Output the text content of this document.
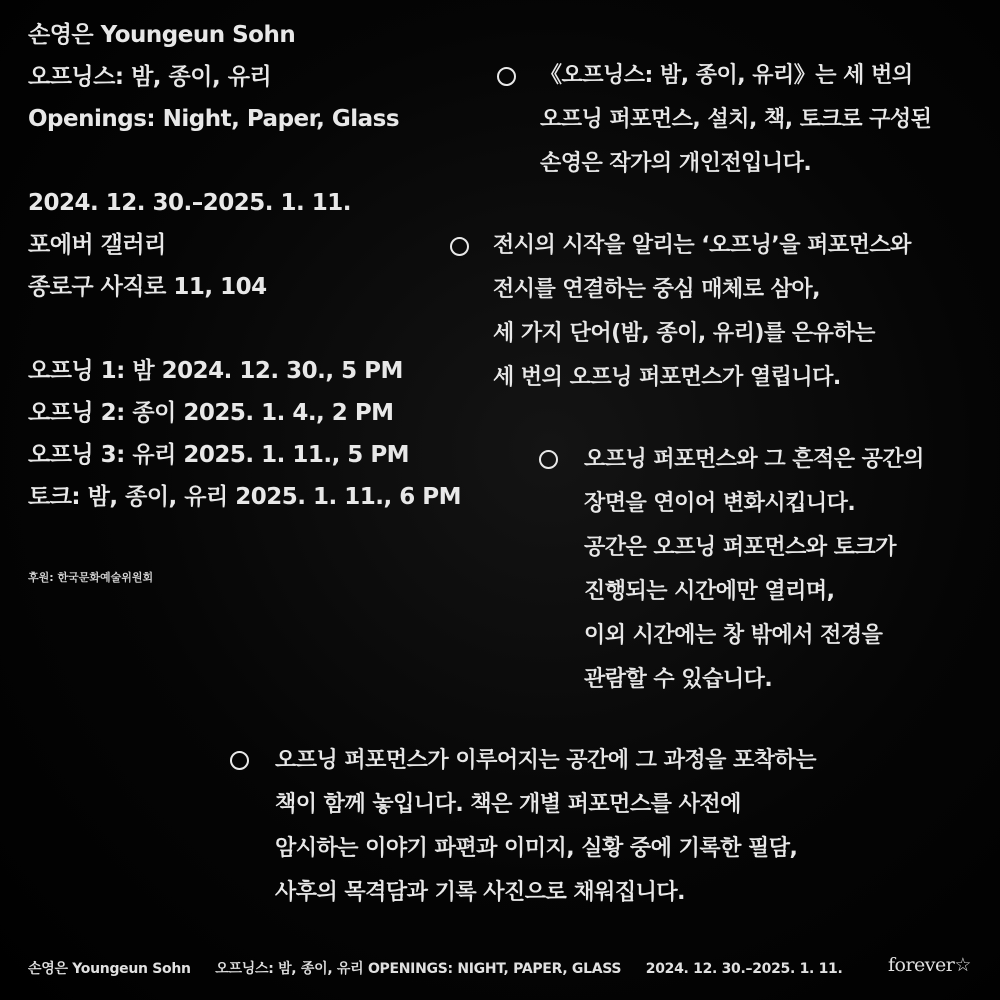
손영은 Youngeun Sohn
오프닝스: 밤, 종이, 유리
Openings: Night, Paper, Glass
2024. 12. 30.–2025. 1. 11.
포에버 갤러리
종로구 사직로 11, 104
오프닝 1: 밤 2024. 12. 30., 5 PM
오프닝 2: 종이 2025. 1. 4., 2 PM
오프닝 3: 유리 2025. 1. 11., 5 PM
토크: 밤, 종이, 유리 2025. 1. 11., 6 PM
후원: 한국문화예술위원회
《오프닝스: 밤, 종이, 유리》는 세 번의
오프닝 퍼포먼스, 설치, 책, 토크로 구성된
손영은 작가의 개인전입니다.
전시의 시작을 알리는 ‘오프닝’을 퍼포먼스와
전시를 연결하는 중심 매체로 삼아,
세 가지 단어(밤, 종이, 유리)를 은유하는
세 번의 오프닝 퍼포먼스가 열립니다.
오프닝 퍼포먼스와 그 흔적은 공간의
장면을 연이어 변화시킵니다.
공간은 오프닝 퍼포먼스와 토크가
진행되는 시간에만 열리며,
이외 시간에는 창 밖에서 전경을
관람할 수 있습니다.
오프닝 퍼포먼스가 이루어지는 공간에 그 과정을 포착하는
책이 함께 놓입니다. 책은 개별 퍼포먼스를 사전에
암시하는 이야기 파편과 이미지, 실황 중에 기록한 필담,
사후의 목격담과 기록 사진으로 채워집니다.
손영은 Youngeun Sohn 오프닝스: 밤, 종이, 유리 OPENINGS: NIGHT, PAPER, GLASS 2024. 12. 30.–2025. 1. 11.	forever☆
